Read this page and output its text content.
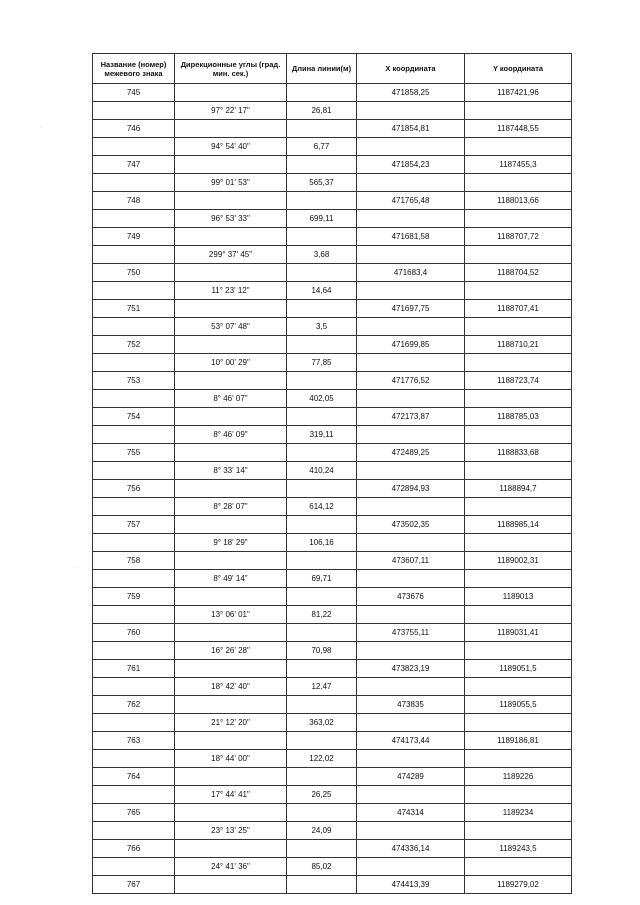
Название (номер) межевого знака	Дирекционные углы (град. мин. сек.)	Длина линии(м)	Х координата	Y координата
745			471858,25	1187421,96
	97° 22' 17"	26,81		
746			471854,81	1187448,55
	94° 54' 40"	6,77		
747			471854,23	1187455,3
	99° 01' 53"	565,37		
748			471765,48	1188013,66
	96° 53' 33"	699,11		
749			471681,58	1188707,72
	299° 37' 45"	3,68		
750			471683,4	1188704,52
	11° 23' 12"	14,64		
751			471697,75	1188707,41
	53° 07' 48"	3,5		
752			471699,85	1188710,21
	10° 00' 29"	77,85		
753			471776,52	1188723,74
	8° 46' 07"	402,05		
754			472173,87	1188785,03
	8° 46' 09"	319,11		
755			472489,25	1188833,68
	8° 33' 14"	410,24		
756			472894,93	1188894,7
	8° 28' 07"	614,12		
757			473502,35	1188985,14
	9° 18' 29"	106,16		
758			473607,11	1189002,31
	8° 49' 14"	69,71		
759			473676	1189013
	13° 06' 01"	81,22		
760			473755,11	1189031,41
	16° 26' 28"	70,98		
761			473823,19	1189051,5
	18° 42' 40"	12,47		
762			473835	1189055,5
	21° 12' 20"	363,02		
763			474173,44	1189186,81
	18° 44' 00"	122,02		
764			474289	1189226
	17° 44' 41"	26,25		
765			474314	1189234
	23° 13' 25"	24,09		
766			474336,14	1189243,5
	24° 41' 36"	85,02		
767			474413,39	1189279,02
·
·
